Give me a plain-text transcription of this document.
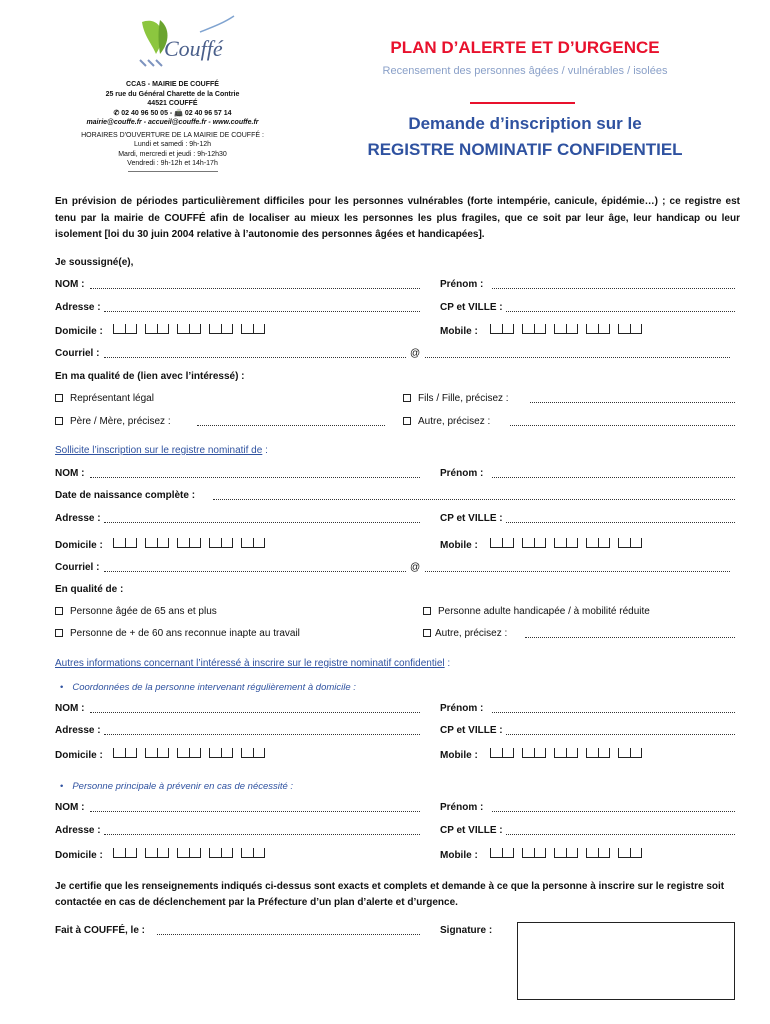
Couffé
CCAS - MAIRIE DE COUFFÉ
25 rue du Général Charette de la Contrie
44521 COUFFÉ
✆ 02 40 96 50 05 - 📠 02 40 96 57 14
mairie@couffe.fr - accueil@couffe.fr - www.couffe.fr
HORAIRES D'OUVERTURE DE LA MAIRIE DE COUFFÉ :
Lundi et samedi : 9h-12h
Mardi, mercredi et jeudi : 9h-12h30
Vendredi : 9h-12h et 14h-17h
PLAN D’ALERTE ET D’URGENCE
Recensement des personnes âgées / vulnérables / isolées
Demande d’inscription sur le
REGISTRE NOMINATIF CONFIDENTIEL
En prévision de périodes particulièrement difficiles pour les personnes vulnérables (forte intempérie, canicule, épidémie…) ; ce registre est tenu par la mairie de COUFFÉ afin de localiser au mieux les personnes les plus fragiles, que ce soit par leur âge, leur handicap ou leur isolement [loi du 30 juin 2004 relative à l’autonomie des personnes âgées et handicapées].
Je soussigné(e),
NOM :	Prénom :
Adresse :	CP et VILLE :
Domicile :	Mobile :
Courriel :	@
En ma qualité de (lien avec l’intéressé) :
Représentant légal	Fils / Fille, précisez :
Père / Mère, précisez :	Autre, précisez :
Sollicite l’inscription sur le registre nominatif de :
NOM :	Prénom :
Date de naissance complète :
Adresse :	CP et VILLE :
Domicile :	Mobile :
Courriel :	@
En qualité de :
Personne âgée de 65 ans et plus	Personne adulte handicapée / à mobilité réduite
Personne de + de 60 ans reconnue inapte au travail	Autre, précisez :
Autres informations concernant l’intéressé à inscrire sur le registre nominatif confidentiel :
• Coordonnées de la personne intervenant régulièrement à domicile :
NOM :	Prénom :
Adresse :	CP et VILLE :
Domicile :	Mobile :
• Personne principale à prévenir en cas de nécessité :
NOM :	Prénom :
Adresse :	CP et VILLE :
Domicile :	Mobile :
Je certifie que les renseignements indiqués ci-dessus sont exacts et complets et demande à ce que la personne à inscrire sur le registre soit contactée en cas de déclenchement par la Préfecture d’un plan d’alerte et d’urgence.
Fait à COUFFÉ, le :	Signature :
